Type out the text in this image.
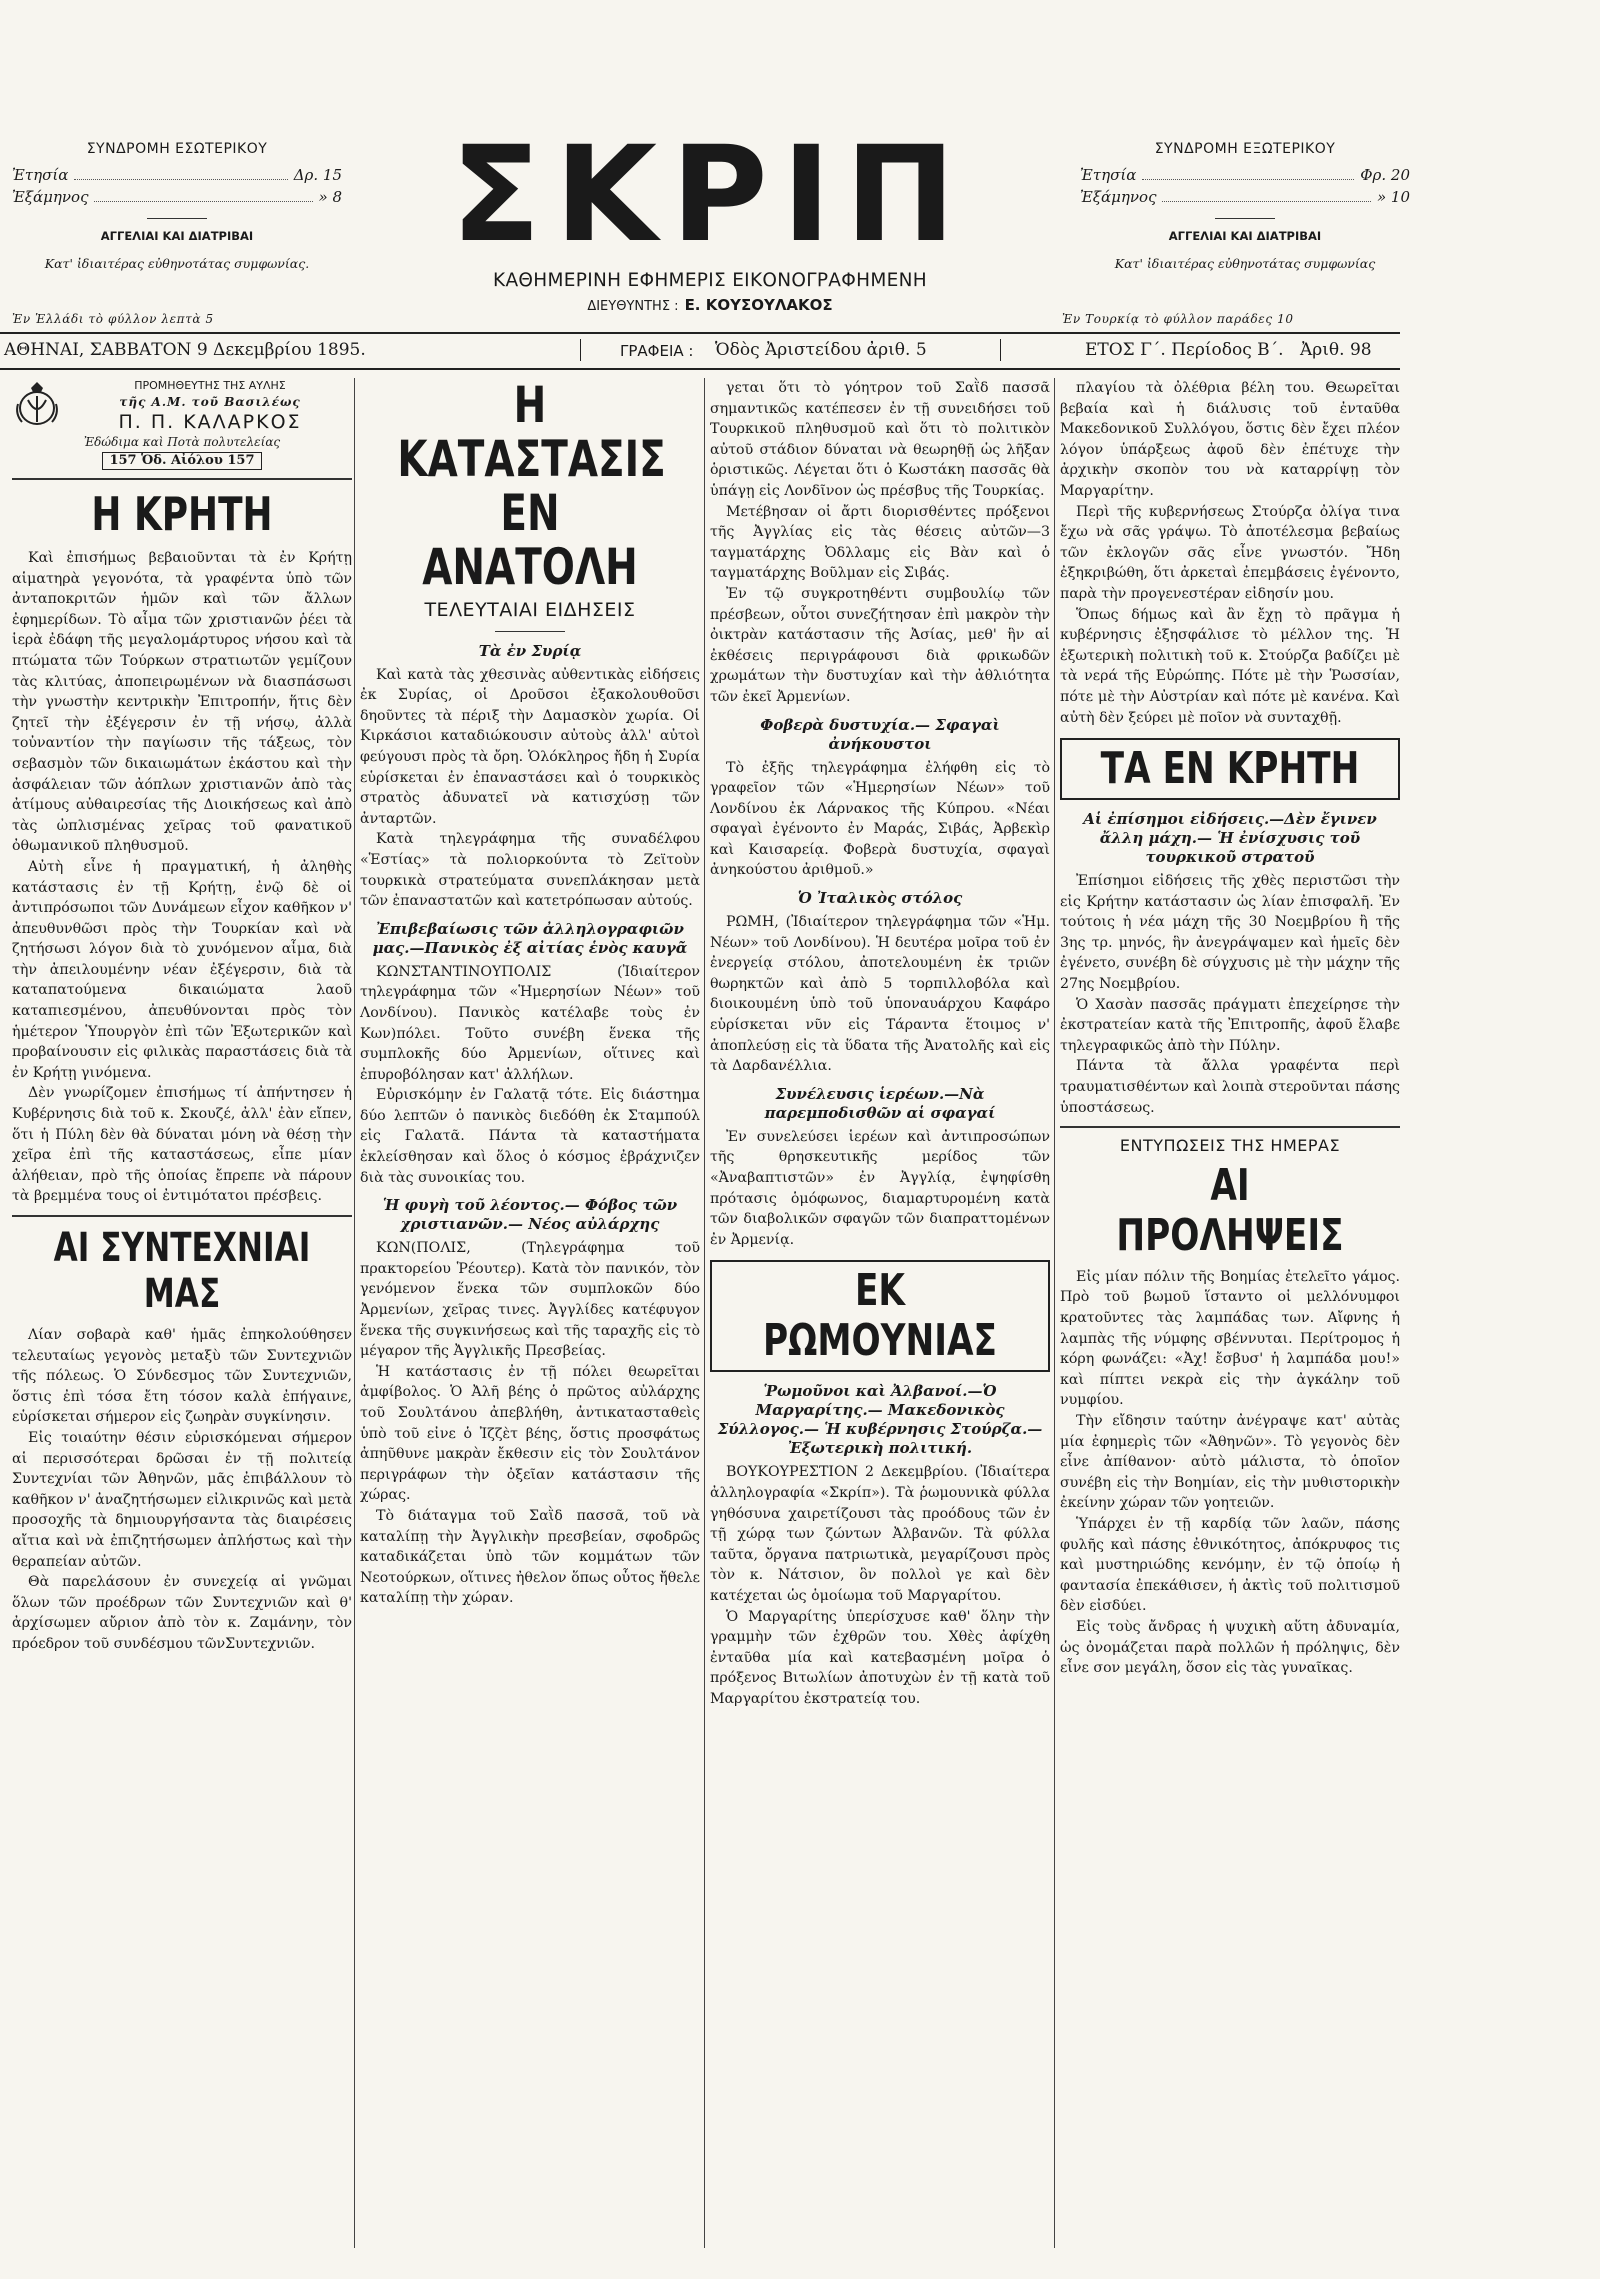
ΣΥΝΔΡΟΜΗ ΕΣΩΤΕΡΙΚΟΥ
Ἐτησία	Δρ. 15
Ἐξάμηνος	» 8
ΑΓΓΕΛΙΑΙ ΚΑΙ ΔΙΑΤΡΙΒΑΙ
Κατ' ἰδιαιτέρας εὐθηνοτάτας συμφωνίας.	ΣΚΡΙΠ
ΚΑΘΗΜΕΡΙΝΗ ΕΦΗΜΕΡΙΣ ΕΙΚΟΝΟΓΡΑΦΗΜΕΝΗ
ΔΙΕΥΘΥΝΤΗΣ : Ε. ΚΟΥΣΟΥΛΑΚΟΣ
ΣΥΝΔΡΟΜΗ ΕΞΩΤΕΡΙΚΟΥ
Ἐτησία	Φρ. 20
Ἐξάμηνος	» 10
ΑΓΓΕΛΙΑΙ ΚΑΙ ΔΙΑΤΡΙΒΑΙ
Κατ' ἰδιαιτέρας εὐθηνοτάτας συμφωνίας
Ἐν Ἑλλάδι τὸ φύλλον λεπτὰ 5	Ἐν Τουρκίᾳ τὸ φύλλον παράδες 10
ΑΘΗΝΑΙ, ΣΑΒΒΑΤΟΝ 9 Δεκεμβρίου 1895.	ΓΡΑΦΕΙΑ : Ὁδὸς Ἀριστείδου ἀριθ. 5	ΕΤΟΣ Γ΄. Περίοδος Β΄. Ἀριθ. 98
ΠΡΟΜΗΘΕΥΤΗΣ ΤΗΣ ΑΥΛΗΣ
τῆς Α.Μ. τοῦ Βασιλέως
Π. Π. ΚΑΛΑΡΚΟΣ
Ἐδώδιμα καὶ Ποτὰ πολυτελείας
157 Ὁδ. Αἰόλου 157
Η ΚΡΗΤΗ

Καὶ ἐπισήμως βεβαιοῦνται τὰ ἐν Κρήτῃ αἱματηρὰ γεγονότα, τὰ γραφέντα ὑπὸ τῶν ἀνταποκριτῶν ἡμῶν καὶ τῶν ἄλλων ἐφημερίδων. Τὸ αἷμα τῶν χριστιανῶν ῥέει τὰ ἱερὰ ἐδάφη τῆς μεγαλομάρτυρος νήσου καὶ τὰ πτώματα τῶν Τούρκων στρατιωτῶν γεμίζουν τὰς κλιτύας, ἀποπειρωμένων νὰ διασπάσωσι τὴν γνωστὴν κεντρικὴν Ἐπιτροπήν, ἥτις δὲν ζητεῖ τὴν ἐξέγερσιν ἐν τῇ νήσῳ, ἀλλὰ τοὐναντίον τὴν παγίωσιν τῆς τάξεως, τὸν σεβασμὸν τῶν δικαιωμάτων ἑκάστου καὶ τὴν ἀσφάλειαν τῶν ἀόπλων χριστιανῶν ἀπὸ τὰς ἀτίμους αὐθαιρεσίας τῆς Διοικήσεως καὶ ἀπὸ τὰς ὠπλισμένας χεῖρας τοῦ φανατικοῦ ὀθωμανικοῦ πληθυσμοῦ.

Αὐτὴ εἶνε ἡ πραγματική, ἡ ἀληθὴς κατάστασις ἐν τῇ Κρήτῃ, ἐνῷ δὲ οἱ ἀντιπρόσωποι τῶν Δυνάμεων εἶχον καθῆκον ν' ἀπευθυνθῶσι πρὸς τὴν Τουρκίαν καὶ νὰ ζητήσωσι λόγον διὰ τὸ χυνόμενον αἷμα, διὰ τὴν ἀπειλουμένην νέαν ἐξέγερσιν, διὰ τὰ καταπατούμενα δικαιώματα λαοῦ καταπιεσμένου, ἀπευθύνονται πρὸς τὸν ἡμέτερον Ὑπουργὸν ἐπὶ τῶν Ἐξωτερικῶν καὶ προβαίνουσιν εἰς φιλικὰς παραστάσεις διὰ τὰ ἐν Κρήτῃ γινόμενα.

Δὲν γνωρίζομεν ἐπισήμως τί ἀπήντησεν ἡ Κυβέρνησις διὰ τοῦ κ. Σκουζέ, ἀλλ' ἐὰν εἴπεν, ὅτι ἡ Πύλη δὲν θὰ δύναται μόνη νὰ θέσῃ τὴν χεῖρα ἐπὶ τῆς καταστάσεως, εἶπε μίαν ἀλήθειαν, πρὸ τῆς ὁποίας ἔπρεπε νὰ πάρουν τὰ βρεμμένα τους οἱ ἐντιμότατοι πρέσβεις.

ΑΙ ΣΥΝΤΕΧΝΙΑΙ ΜΑΣ

Λίαν σοβαρὰ καθ' ἡμᾶς ἐπηκολούθησεν τελευταίως γεγονὸς μεταξὺ τῶν Συντεχνιῶν τῆς πόλεως. Ὁ Σύνδεσμος τῶν Συντεχνιῶν, ὅστις ἐπὶ τόσα ἔτη τόσον καλὰ ἐπήγαινε, εὑρίσκεται σήμερον εἰς ζωηρὰν συγκίνησιν.

Εἰς τοιαύτην θέσιν εὑρισκόμεναι σήμερον αἱ περισσότεραι δρῶσαι ἐν τῇ πολιτείᾳ Συντεχνίαι τῶν Ἀθηνῶν, μᾶς ἐπιβάλλουν τὸ καθῆκον ν' ἀναζητήσωμεν εἰλικρινῶς καὶ μετὰ προσοχῆς τὰ δημιουργήσαντα τὰς διαιρέσεις αἴτια καὶ νὰ ἐπιζητήσωμεν ἀπλήστως καὶ τὴν θεραπείαν αὐτῶν.

Θὰ παρελάσουν ἐν συνεχείᾳ αἱ γνῶμαι ὅλων τῶν προέδρων τῶν Συντεχνιῶν καὶ θ' ἀρχίσωμεν αὔριον ἀπὸ τὸν κ. Ζαμάνην, τὸν πρόεδρον τοῦ συνδέσμου τῶνΣυντεχνιῶν.

Η ΚΑΤΑΣΤΑΣΙΣ
ΕΝ ΑΝΑΤΟΛΗ
ΤΕΛΕΥΤΑΙΑΙ ΕΙΔΗΣΕΙΣ
Τὰ ἐν Συρίᾳ

Καὶ κατὰ τὰς χθεσινὰς αὐθεντικὰς εἰδήσεις ἐκ Συρίας, οἱ Δροῦσοι ἐξακολουθοῦσι δηοῦντες τὰ πέριξ τὴν Δαμασκὸν χωρία. Οἱ Κιρκάσιοι καταδιώκουσιν αὐτοὺς ἀλλ' αὐτοὶ φεύγουσι πρὸς τὰ ὄρη. Ὁλόκληρος ἤδη ἡ Συρία εὑρίσκεται ἐν ἐπαναστάσει καὶ ὁ τουρκικὸς στρατὸς ἀδυνατεῖ νὰ κατισχύσῃ τῶν ἀνταρτῶν.

Κατὰ τηλεγράφημα τῆς συναδέλφου «Ἑστίας» τὰ πολιορκούντα τὸ Ζεϊτοὺν τουρκικὰ στρατεύματα συνεπλάκησαν μετὰ τῶν ἐπαναστατῶν καὶ κατετρόπωσαν αὐτούς.

Ἐπιβεβαίωσις τῶν ἀλληλογραφιῶν μας.—Πανικὸς ἐξ αἰτίας ἑνὸς καυγᾶ

ΚΩΝΣΤΑΝΤΙΝΟΥΠΟΛΙΣ (Ἰδιαίτερον τηλεγράφημα τῶν «Ἡμερησίων Νέων» τοῦ Λονδίνου). Πανικὸς κατέλαβε τοὺς ἐν Κων)πόλει. Τοῦτο συνέβη ἕνεκα τῆς συμπλοκῆς δύο Ἀρμενίων, οἵτινες καὶ ἐπυροβόλησαν κατ' ἀλλήλων.

Εὐρισκόμην ἐν Γαλατᾷ τότε. Εἰς διάστημα δύο λεπτῶν ὁ πανικὸς διεδόθη ἐκ Σταμπούλ εἰς Γαλατᾶ. Πάντα τὰ καταστήματα ἐκλείσθησαν καὶ ὅλος ὁ κόσμος ἐβράχνιζεν διὰ τὰς συνοικίας του.

Ἡ φυγὴ τοῦ λέοντος.— Φόβος τῶν χριστιανῶν.— Νέος αὐλάρχης

ΚΩΝ(ΠΟΛΙΣ, (Τηλεγράφημα τοῦ πρακτορείου Ῥέουτερ). Κατὰ τὸν πανικόν, τὸν γενόμενον ἕνεκα τῶν συμπλοκῶν δύο Ἀρμενίων, χεῖρας τινες. Ἀγγλίδες κατέφυγον ἕνεκα τῆς συγκινήσεως καὶ τῆς ταραχῆς εἰς τὸ μέγαρον τῆς Ἀγγλικῆς Πρεσβείας.

Ἡ κατάστασις ἐν τῇ πόλει θεωρεῖται ἀμφίβολος. Ὁ Ἀλῆ βέης ὁ πρῶτος αὐλάρχης τοῦ Σουλτάνου ἀπεβλήθη, ἀντικατασταθεὶς ὑπὸ τοῦ εἰνε ὁ Ἰζζὲτ βέης, ὅστις προσφάτως ἀπηῦθυνε μακρὰν ἔκθεσιν εἰς τὸν Σουλτάνον περιγράφων τὴν ὀξεῖαν κατάστασιν τῆς χώρας.

Τὸ διάταγμα τοῦ Σαῒδ πασσᾶ, τοῦ νὰ καταλίπῃ τὴν Ἀγγλικὴν πρεσβείαν, σφοδρῶς καταδικάζεται ὑπὸ τῶν κομμάτων τῶν Νεοτούρκων, οἵτινες ἠθελον ὅπως οὗτος ἤθελε καταλίπῃ τὴν χώραν.

γεται ὅτι τὸ γόητρον τοῦ Σαῒδ πασσᾶ σημαντικῶς κατέπεσεν ἐν τῇ συνειδήσει τοῦ Τουρκικοῦ πληθυσμοῦ καὶ ὅτι τὸ πολιτικὸν αὐτοῦ στάδιον δύναται νὰ θεωρηθῇ ὡς λῆξαν ὁριστικῶς. Λέγεται ὅτι ὁ Κωστάκη πασσᾶς θὰ ὑπάγῃ εἰς Λονδῖνον ὡς πρέσβυς τῆς Τουρκίας.

Μετέβησαν οἱ ἄρτι διορισθέντες πρόξενοι τῆς Ἀγγλίας εἰς τὰς θέσεις αὐτῶν—3 ταγματάρχης Ὀδλλαμς εἰς Βὰν καὶ ὁ ταγματάρχης Βοῦλμαν εἰς Σιβάς.

Ἐν τῷ συγκροτηθέντι συμβουλίῳ τῶν πρέσβεων, οὗτοι συνεζήτησαν ἐπὶ μακρὸν τὴν ὀικτρὰν κατάστασιν τῆς Ἀσίας, μεθ' ἣν αἱ ἐκθέσεις περιγράφουσι διὰ φρικωδῶν χρωμάτων τὴν δυστυχίαν καὶ τὴν ἀθλιότητα τῶν ἐκεῖ Ἀρμενίων.

Φοβερὰ δυστυχία.— Σφαγαὶ ἀνήκουστοι

Τὸ ἐξῆς τηλεγράφημα ἐλήφθη εἰς τὸ γραφεῖον τῶν «Ἡμερησίων Νέων» τοῦ Λονδίνου ἐκ Λάρνακος τῆς Κύπρου. «Νέαι σφαγαὶ ἐγένοντο ἐν Μαράς, Σιβάς, Ἀρβεκὶρ καὶ Καισαρείᾳ. Φοβερὰ δυστυχία, σφαγαὶ ἀνηκούστου ἀριθμοῦ.»

Ὁ Ἰταλικὸς στόλος

ΡΩΜΗ, (Ἰδιαίτερον τηλεγράφημα τῶν «Ἡμ. Νέων» τοῦ Λονδίνου). Ἡ δευτέρα μοῖρα τοῦ ἐν ἐνεργείᾳ στόλου, ἀποτελουμένη ἐκ τριῶν θωρηκτῶν καὶ ἀπὸ 5 τορπιλλοβόλα καὶ διοικουμένη ὑπὸ τοῦ ὑποναυάρχου Καφάρο εὑρίσκεται νῦν εἰς Τάραντα ἕτοιμος ν' ἀποπλεύσῃ εἰς τὰ ὕδατα τῆς Ἀνατολῆς καὶ εἰς τὰ Δαρδανέλλια.

Συνέλευσις ἱερέων.—Νὰ παρεμποδισθῶν αἱ σφαγαί

Ἐν συνελεύσει ἱερέων καὶ ἀντιπροσώπων τῆς θρησκευτικῆς μερίδος τῶν «Ἀναβαπτιστῶν» ἐν Ἀγγλίᾳ, ἐψηφίσθη πρότασις ὁμόφωνος, διαμαρτυρομένη κατὰ τῶν διαβολικῶν σφαγῶν τῶν διαπραττομένων ἐν Ἀρμενίᾳ.

ΕΚ ΡΩΜΟΥΝΙΑΣ
Ῥωμοῦνοι καὶ Ἀλβανοί.—Ὁ Μαργαρίτης.— Μακεδονικὸς Σύλλογος.— Ἡ κυβέρνησις Στούρζα.—Ἐξωτερικὴ πολιτική.

ΒΟΥΚΟΥΡΕΣΤΙΟΝ 2 Δεκεμβρίου. (Ἰδιαίτερα ἀλληλογραφία «Σκρίπ»). Τὰ ῥωμουνικὰ φύλλα γηθόσυνα χαιρετίζουσι τὰς προόδους τῶν ἐν τῇ χώρᾳ των ζώντων Ἀλβανῶν. Τὰ φύλλα ταῦτα, ὄργανα πατριωτικὰ, μεγαρίζουσι πρὸς τὸν κ. Νάτσιον, ὃν πολλοὶ γε καὶ δὲν κατέχεται ὡς ὁμοίωμα τοῦ Μαργαρίτου.

Ὁ Μαργαρίτης ὑπερίσχυσε καθ' ὅλην τὴν γραμμὴν τῶν ἐχθρῶν του. Χθὲς ἀφίχθη ἐνταῦθα μία καὶ κατεβασμένη μοῖρα ὁ πρόξενος Βιτωλίων ἀποτυχὼν ἐν τῇ κατὰ τοῦ Μαργαρίτου ἐκστρατείᾳ του.

πλαγίου τὰ ὀλέθρια βέλη του. Θεωρεῖται βεβαία καὶ ἡ διάλυσις τοῦ ἐνταῦθα Μακεδονικοῦ Συλλόγου, ὅστις δὲν ἔχει πλέον λόγον ὑπάρξεως ἀφοῦ δὲν ἐπέτυχε τὴν ἀρχικὴν σκοπὸν του νὰ καταρρίψῃ τὸν Μαργαρίτην.

Περὶ τῆς κυβερνήσεως Στούρζα ὀλίγα τινα ἔχω νὰ σᾶς γράψω. Τὸ ἀποτέλεσμα βεβαίως τῶν ἐκλογῶν σᾶς εἶνε γνωστόν. Ἤδη ἐξηκριβώθη, ὅτι ἀρκεταὶ ἐπεμβάσεις ἐγένοντο, παρὰ τὴν προγενεστέραν εἰδησίν μου.

Ὅπως δήμως καὶ ἂν ἔχῃ τὸ πρᾶγμα ἡ κυβέρνησις ἐξησφάλισε τὸ μέλλον της. Ἡ ἐξωτερικὴ πολιτικὴ τοῦ κ. Στούρζα βαδίζει μὲ τὰ νερά τῆς Εὐρώπης. Πότε μὲ τὴν Ῥωσσίαν, πότε μὲ τὴν Αὐστρίαν καὶ πότε μὲ κανένα. Καὶ αὐτὴ δὲν ξεύρει μὲ ποῖον νὰ συνταχθῇ.

ΤΑ ΕΝ ΚΡΗΤΗ
Αἱ ἐπίσημοι εἰδήσεις.—Δὲν ἔγινεν ἄλλη μάχη.— Ἡ ἐνίσχυσις τοῦ τουρκικοῦ στρατοῦ

Ἐπίσημοι εἰδήσεις τῆς χθὲς περιστῶσι τὴν εἰς Κρήτην κατάστασιν ὡς λίαν ἐπισφαλῆ. Ἐν τούτοις ἡ νέα μάχη τῆς 30 Νοεμβρίου ἢ τῆς 3ης τρ. μηνός, ἣν ἀνεγράψαμεν καὶ ἡμεῖς δὲν ἐγένετο, συνέβη δὲ σύγχυσις μὲ τὴν μάχην τῆς 27ης Νοεμβρίου.

Ὁ Χασὰν πασσᾶς πράγματι ἐπεχείρησε τὴν ἐκστρατείαν κατὰ τῆς Ἐπιτροπῆς, ἀφοῦ ἔλαβε τηλεγραφικῶς ἀπὸ τὴν Πύλην.

Πάντα τὰ ἄλλα γραφέντα περὶ τραυματισθέντων καὶ λοιπὰ στεροῦνται πάσης ὑποστάσεως.

ΕΝΤΥΠΩΣΕΙΣ ΤΗΣ ΗΜΕΡΑΣ
ΑΙ ΠΡΟΛΗΨΕΙΣ

Εἰς μίαν πόλιν τῆς Βοημίας ἐτελεῖτο γάμος. Πρὸ τοῦ βωμοῦ ἵσταντο οἱ μελλόνυμφοι κρατοῦντες τὰς λαμπάδας των. Αἴφνης ἡ λαμπὰς τῆς νύμφης σβέννυται. Περίτρομος ἡ κόρη φωνάζει: «Ἀχ! ἔσβυσ' ἡ λαμπάδα μου!» καὶ πίπτει νεκρὰ εἰς τὴν ἀγκάλην τοῦ νυμφίου.

Τὴν εἴδησιν ταύτην ἀνέγραψε κατ' αὐτὰς μία ἐφημερὶς τῶν «Ἀθηνῶν». Τὸ γεγονὸς δὲν εἶνε ἀπίθανον· αὐτὸ μάλιστα, τὸ ὁποῖον συνέβη εἰς τὴν Βοημίαν, εἰς τὴν μυθιστορικὴν ἐκείνην χώραν τῶν γοητειῶν.

Ὑπάρχει ἐν τῇ καρδίᾳ τῶν λαῶν, πάσης φυλῆς καὶ πάσης ἐθνικότητος, ἀπόκρυφος τις καὶ μυστηριώδης κενόμην, ἐν τῷ ὁποίῳ ἡ φαντασία ἐπεκάθισεν, ἡ ἀκτὶς τοῦ πολιτισμοῦ δὲν εἰσδύει.

Εἰς τοὺς ἄνδρας ἡ ψυχικὴ αὕτη ἀδυναμία, ὡς ὀνομάζεται παρὰ πολλῶν ἡ πρόληψις, δὲν εἶνε σον μεγάλη, ὅσον εἰς τὰς γυναῖκας.
